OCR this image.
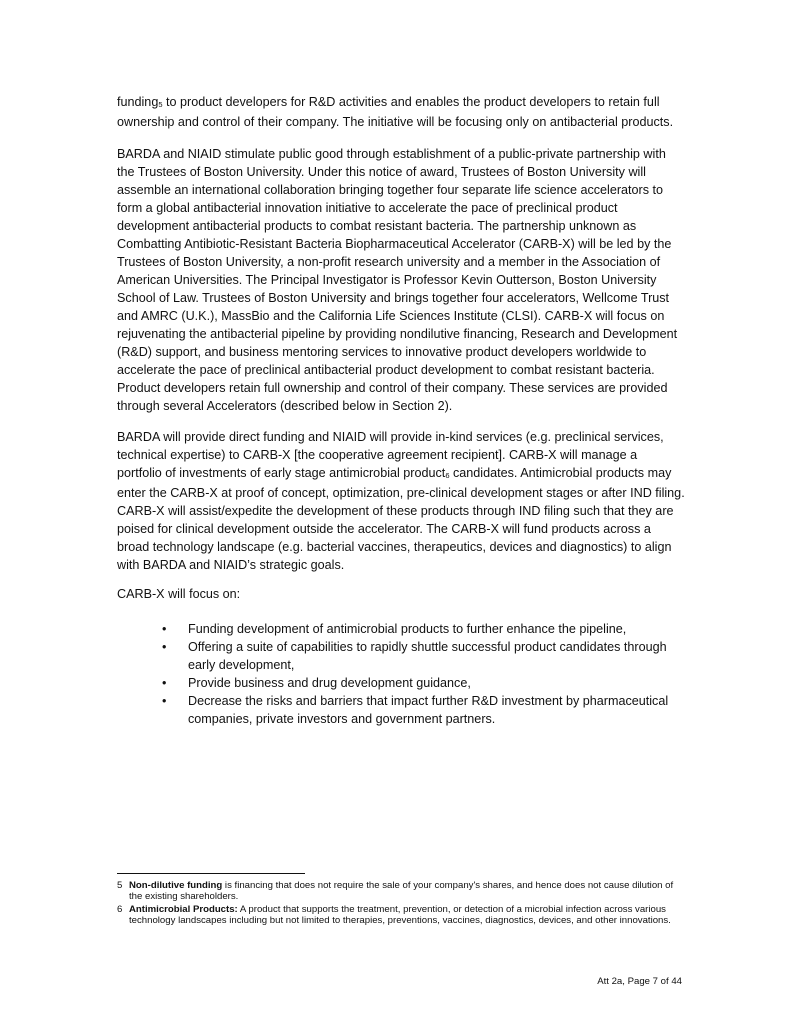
funding$_5$ to product developers for R&D activities and enables the product developers to retain full ownership and control of their company. The initiative will be focusing only on antibacterial products.

BARDA and NIAID stimulate public good through establishment of a public-private partnership with the Trustees of Boston University. Under this notice of award, Trustees of Boston University will assemble an international collaboration bringing together four separate life science accelerators to form a global antibacterial innovation initiative to accelerate the pace of preclinical product development antibacterial products to combat resistant bacteria. The partnership unknown as Combatting Antibiotic-Resistant Bacteria Biopharmaceutical Accelerator (CARB-X) will be led by the Trustees of Boston University, a non-profit research university and a member in the Association of American Universities. The Principal Investigator is Professor Kevin Outterson, Boston University School of Law. Trustees of Boston University and brings together four accelerators, Wellcome Trust and AMRC (U.K.), MassBio and the California Life Sciences Institute (CLSI). CARB-X will focus on rejuvenating the antibacterial pipeline by providing nondilutive financing, Research and Development (R&D) support, and business mentoring services to innovative product developers worldwide to accelerate the pace of preclinical antibacterial product development to combat resistant bacteria. Product developers retain full ownership and control of their company. These services are provided through several Accelerators (described below in Section 2).

BARDA will provide direct funding and NIAID will provide in-kind services (e.g. preclinical services, technical expertise) to CARB-X [the cooperative agreement recipient]. CARB-X will manage a portfolio of investments of early stage antimicrobial product$_6$ candidates. Antimicrobial products may enter the CARB-X at proof of concept, optimization, pre-clinical development stages or after IND filing. CARB-X will assist/expedite the development of these products through IND filing such that they are poised for clinical development outside the accelerator. The CARB-X will fund products across a broad technology landscape (e.g. bacterial vaccines, therapeutics, devices and diagnostics) to align with BARDA and NIAID’s strategic goals.

CARB-X will focus on:

• Funding development of antimicrobial products to further enhance the pipeline,
• Offering a suite of capabilities to rapidly shuttle successful product candidates through early development,
• Provide business and drug development guidance,
• Decrease the risks and barriers that impact further R&D investment by pharmaceutical companies, private investors and government partners.
5 Non-dilutive funding is financing that does not require the sale of your company's shares, and hence does not cause dilution of the existing shareholders.
6 Antimicrobial Products: A product that supports the treatment, prevention, or detection of a microbial infection across various technology landscapes including but not limited to therapies, preventions, vaccines, diagnostics, devices, and other innovations.
Att 2a, Page 7 of 44
